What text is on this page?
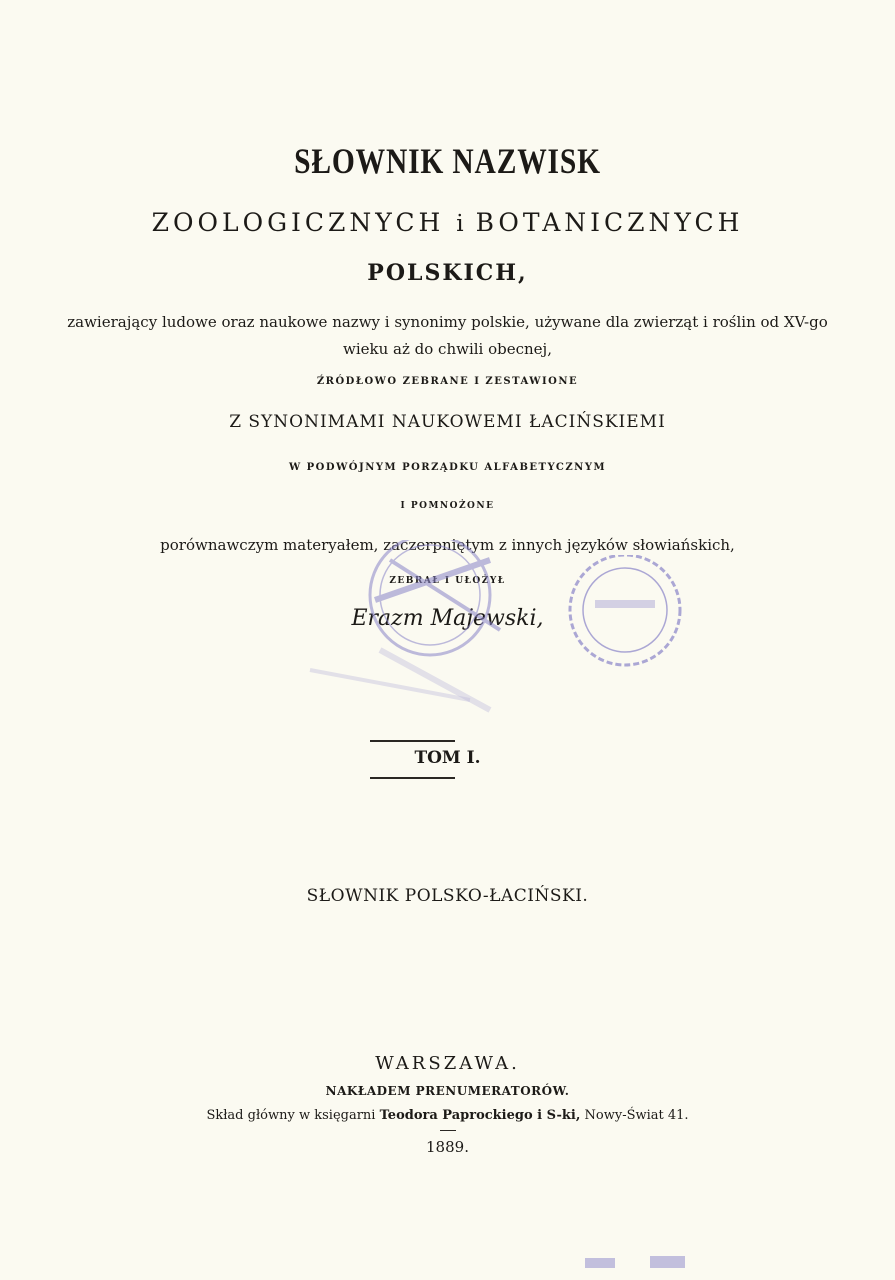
SŁOWNIK NAZWISK
ZOOLOGICZNYCH i BOTANICZNYCH
POLSKICH,
zawierający ludowe oraz naukowe nazwy i synonimy polskie, używane dla zwierząt i roślin od XV-go
wieku aż do chwili obecnej,
ŹRÓDŁOWO ZEBRANE I ZESTAWIONE
Z SYNONIMAMI NAUKOWEMI ŁACIŃSKIEMI
W PODWÓJNYM PORZĄDKU ALFABETYCZNYM
I POMNOŻONE
porównawczym materyałem, zaczerpniętym z innych języków słowiańskich,
ZEBRAŁ I UŁOŻYŁ
Erazm Majewski,
TOM I.
SŁOWNIK POLSKO-ŁACIŃSKI.
WARSZAWA.
NAKŁADEM PRENUMERATORÓW.
Skład główny w księgarni Teodora Paprockiego i S-ki, Nowy-Świat 41.
1889.
